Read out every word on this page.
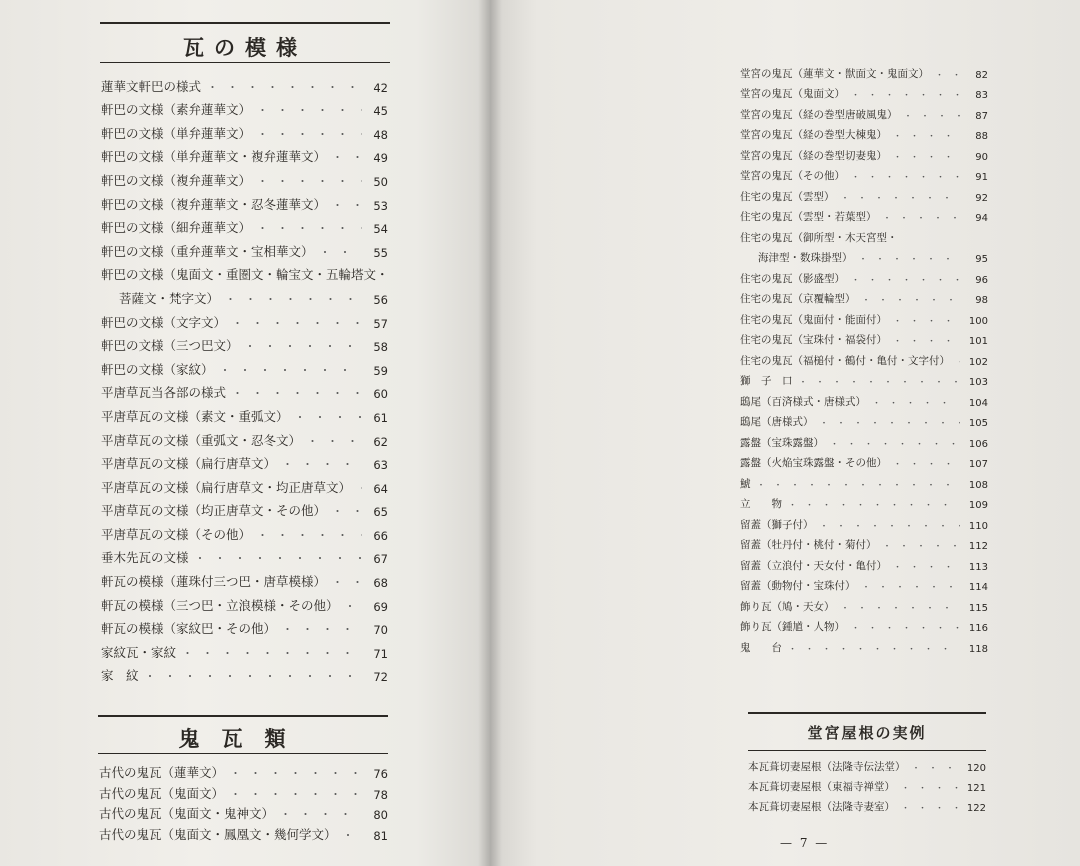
瓦の模様
蓮華文軒巴の様式 ・・・・・・・・・・・・・・・・・・・・・・・・・・	42
軒巴の文様（素弁蓮華文） ・・・・・・・・・・・・・・・・・・・・・・・・・・	45
軒巴の文様（単弁蓮華文） ・・・・・・・・・・・・・・・・・・・・・・・・・・	48
軒巴の文様（単弁蓮華文・複弁蓮華文） ・・・・・・・・・・・・・・・・・・・・・・・・・・	49
軒巴の文様（複弁蓮華文） ・・・・・・・・・・・・・・・・・・・・・・・・・・	50
軒巴の文様（複弁蓮華文・忍冬蓮華文） ・・・・・・・・・・・・・・・・・・・・・・・・・・	53
軒巴の文様（細弁蓮華文） ・・・・・・・・・・・・・・・・・・・・・・・・・・	54
軒巴の文様（重弁蓮華文・宝相華文） ・・・・・・・・・・・・・・・・・・・・・・・・・・	55
軒巴の文様（鬼面文・重圏文・輪宝文・五輪塔文・
菩薩文・梵字文） ・・・・・・・・・・・・・・・・・・・・・・・・・・	56
軒巴の文様（文字文） ・・・・・・・・・・・・・・・・・・・・・・・・・・	57
軒巴の文様（三つ巴文） ・・・・・・・・・・・・・・・・・・・・・・・・・・	58
軒巴の文様（家紋） ・・・・・・・・・・・・・・・・・・・・・・・・・・	59
平唐草瓦当各部の様式 ・・・・・・・・・・・・・・・・・・・・・・・・・・	60
平唐草瓦の文様（素文・重弧文） ・・・・・・・・・・・・・・・・・・・・・・・・・・	61
平唐草瓦の文様（重弧文・忍冬文） ・・・・・・・・・・・・・・・・・・・・・・・・・・	62
平唐草瓦の文様（扁行唐草文） ・・・・・・・・・・・・・・・・・・・・・・・・・・	63
平唐草瓦の文様（扁行唐草文・均正唐草文） ・・・・・・・・・・・・・・・・・・・・・・・・・・	64
平唐草瓦の文様（均正唐草文・その他） ・・・・・・・・・・・・・・・・・・・・・・・・・・	65
平唐草瓦の文様（その他） ・・・・・・・・・・・・・・・・・・・・・・・・・・	66
垂木先瓦の文様 ・・・・・・・・・・・・・・・・・・・・・・・・・・	67
軒瓦の模様（蓮珠付三つ巴・唐草模様） ・・・・・・・・・・・・・・・・・・・・・・・・・・	68
軒瓦の模様（三つ巴・立浪模様・その他） ・・・・・・・・・・・・・・・・・・・・・・・・・・	69
軒瓦の模様（家紋巴・その他） ・・・・・・・・・・・・・・・・・・・・・・・・・・	70
家紋瓦・家紋 ・・・・・・・・・・・・・・・・・・・・・・・・・・	71
家　紋 ・・・・・・・・・・・・・・・・・・・・・・・・・・	72
鬼瓦類
古代の鬼瓦（蓮華文） ・・・・・・・・・・・・・・・・・・・・・・・・・・	76
古代の鬼瓦（鬼面文） ・・・・・・・・・・・・・・・・・・・・・・・・・・	78
古代の鬼瓦（鬼面文・鬼神文） ・・・・・・・・・・・・・・・・・・・・・・・・・・	80
古代の鬼瓦（鬼面文・鳳凰文・幾何学文） ・・・・・・・・・・・・・・・・・・・・・・・・・・	81
堂宮の鬼瓦（蓮華文・獣面文・鬼面文） ・・・・・・・・・・・・・・・・・・・・・・・・・・	82
堂宮の鬼瓦（鬼面文） ・・・・・・・・・・・・・・・・・・・・・・・・・・	83
堂宮の鬼瓦（経の巻型唐破風鬼） ・・・・・・・・・・・・・・・・・・・・・・・・・・	87
堂宮の鬼瓦（経の巻型大棟鬼） ・・・・・・・・・・・・・・・・・・・・・・・・・・	88
堂宮の鬼瓦（経の巻型切妻鬼） ・・・・・・・・・・・・・・・・・・・・・・・・・・	90
堂宮の鬼瓦（その他） ・・・・・・・・・・・・・・・・・・・・・・・・・・	91
住宅の鬼瓦（雲型） ・・・・・・・・・・・・・・・・・・・・・・・・・・	92
住宅の鬼瓦（雲型・若葉型） ・・・・・・・・・・・・・・・・・・・・・・・・・・	94
住宅の鬼瓦（御所型・木天宮型・
海津型・数珠掛型） ・・・・・・・・・・・・・・・・・・・・・・・・・・	95
住宅の鬼瓦（影盛型） ・・・・・・・・・・・・・・・・・・・・・・・・・・	96
住宅の鬼瓦（京覆輪型） ・・・・・・・・・・・・・・・・・・・・・・・・・・	98
住宅の鬼瓦（鬼面付・能面付） ・・・・・・・・・・・・・・・・・・・・・・・・・・	100
住宅の鬼瓦（宝珠付・福袋付） ・・・・・・・・・・・・・・・・・・・・・・・・・・	101
住宅の鬼瓦（福槌付・鶴付・亀付・文字付） ・・・・・・・・・・・・・・・・・・・・・・・・・・	102
獅　子　口 ・・・・・・・・・・・・・・・・・・・・・・・・・・	103
鴟尾（百済様式・唐様式） ・・・・・・・・・・・・・・・・・・・・・・・・・・	104
鴟尾（唐様式） ・・・・・・・・・・・・・・・・・・・・・・・・・・	105
露盤（宝珠露盤） ・・・・・・・・・・・・・・・・・・・・・・・・・・	106
露盤（火焔宝珠露盤・その他） ・・・・・・・・・・・・・・・・・・・・・・・・・・	107
鯱 ・・・・・・・・・・・・・・・・・・・・・・・・・・	108
立　　物 ・・・・・・・・・・・・・・・・・・・・・・・・・・	109
留蓋（獅子付） ・・・・・・・・・・・・・・・・・・・・・・・・・・	110
留蓋（牡丹付・桃付・菊付） ・・・・・・・・・・・・・・・・・・・・・・・・・・	112
留蓋（立浪付・天女付・亀付） ・・・・・・・・・・・・・・・・・・・・・・・・・・	113
留蓋（動物付・宝珠付） ・・・・・・・・・・・・・・・・・・・・・・・・・・	114
飾り瓦（鳩・天女） ・・・・・・・・・・・・・・・・・・・・・・・・・・	115
飾り瓦（鍾馗・人物） ・・・・・・・・・・・・・・・・・・・・・・・・・・	116
鬼　　台 ・・・・・・・・・・・・・・・・・・・・・・・・・・	118
堂宮屋根の実例
本瓦葺切妻屋根（法隆寺伝法堂） ・・・・・・・・・・・・・・・・・・・・・・・・・・	120
本瓦葺切妻屋根（東福寺禅堂） ・・・・・・・・・・・・・・・・・・・・・・・・・・	121
本瓦葺切妻屋根（法隆寺妻室） ・・・・・・・・・・・・・・・・・・・・・・・・・・	122
— 7 —
